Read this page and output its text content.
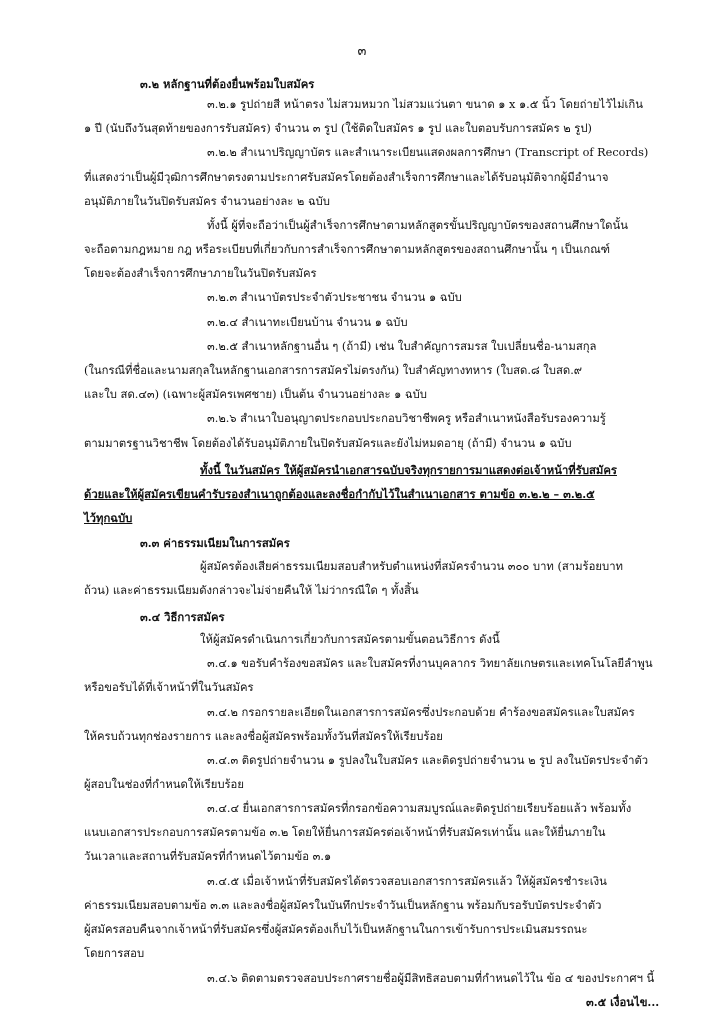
๓
๓.๒ หลักฐานที่ต้องยื่นพร้อมใบสมัคร
๓.๒.๑ รูปถ่ายสี หน้าตรง ไม่สวมหมวก ไม่สวมแว่นตา ขนาด ๑ x ๑.๕ นิ้ว โดยถ่ายไว้ไม่เกิน
๑ ปี (นับถึงวันสุดท้ายของการรับสมัคร) จำนวน ๓ รูป (ใช้ติดใบสมัคร ๑ รูป และใบตอบรับการสมัคร ๒ รูป)
๓.๒.๒ สำเนาปริญญาบัตร และสำเนาระเบียนแสดงผลการศึกษา (Transcript of Records)
ที่แสดงว่าเป็นผู้มีวุฒิการศึกษาตรงตามประกาศรับสมัครโดยต้องสำเร็จการศึกษาและได้รับอนุมัติจากผู้มีอำนาจ
อนุมัติภายในวันปิดรับสมัคร จำนวนอย่างละ ๒ ฉบับ
ทั้งนี้ ผู้ที่จะถือว่าเป็นผู้สำเร็จการศึกษาตามหลักสูตรขั้นปริญญาบัตรของสถานศึกษาใดนั้น
จะถือตามกฎหมาย กฎ หรือระเบียบที่เกี่ยวกับการสำเร็จการศึกษาตามหลักสูตรของสถานศึกษานั้น ๆ เป็นเกณฑ์
โดยจะต้องสำเร็จการศึกษาภายในวันปิดรับสมัคร
๓.๒.๓ สำเนาบัตรประจำตัวประชาชน จำนวน ๑ ฉบับ
๓.๒.๔ สำเนาทะเบียนบ้าน จำนวน ๑ ฉบับ
๓.๒.๕ สำเนาหลักฐานอื่น ๆ (ถ้ามี) เช่น ใบสำคัญการสมรส ใบเปลี่ยนชื่อ-นามสกุล
(ในกรณีที่ชื่อและนามสกุลในหลักฐานเอกสารการสมัครไม่ตรงกัน) ใบสำคัญทางทหาร (ใบสด.๘ ใบสด.๙
และใบ สด.๔๓) (เฉพาะผู้สมัครเพศชาย) เป็นต้น จำนวนอย่างละ ๑ ฉบับ
๓.๒.๖ สำเนาใบอนุญาตประกอบประกอบวิชาชีพครู หรือสำเนาหนังสือรับรองความรู้
ตามมาตรฐานวิชาชีพ โดยต้องได้รับอนุมัติภายในปิดรับสมัครและยังไม่หมดอายุ (ถ้ามี) จำนวน ๑ ฉบับ
ทั้งนี้ ในวันสมัคร ให้ผู้สมัครนำเอกสารฉบับจริงทุกรายการมาแสดงต่อเจ้าหน้าที่รับสมัคร
ด้วยและให้ผู้สมัครเขียนคำรับรองสำเนาถูกต้องและลงชื่อกำกับไว้ในสำเนาเอกสาร ตามข้อ ๓.๒.๒ – ๓.๒.๕
ไว้ทุกฉบับ
๓.๓ ค่าธรรมเนียมในการสมัคร
ผู้สมัครต้องเสียค่าธรรมเนียมสอบสำหรับตำแหน่งที่สมัครจำนวน ๓๐๐ บาท (สามร้อยบาท
ถ้วน) และค่าธรรมเนียมดังกล่าวจะไม่จ่ายคืนให้ ไม่ว่ากรณีใด ๆ ทั้งสิ้น
๓.๔ วิธีการสมัคร
ให้ผู้สมัครดำเนินการเกี่ยวกับการสมัครตามขั้นตอนวิธีการ ดังนี้
๓.๔.๑ ขอรับคำร้องขอสมัคร และใบสมัครที่งานบุคลากร วิทยาลัยเกษตรและเทคโนโลยีลำพูน
หรือขอรับได้ที่เจ้าหน้าที่ในวันสมัคร
๓.๔.๒ กรอกรายละเอียดในเอกสารการสมัครซึ่งประกอบด้วย คำร้องขอสมัครและใบสมัคร
ให้ครบถ้วนทุกช่องรายการ และลงชื่อผู้สมัครพร้อมทั้งวันที่สมัครให้เรียบร้อย
๓.๔.๓ ติดรูปถ่ายจำนวน ๑ รูปลงในใบสมัคร และติดรูปถ่ายจำนวน ๒ รูป ลงในบัตรประจำตัว
ผู้สอบในช่องที่กำหนดให้เรียบร้อย
๓.๔.๔ ยื่นเอกสารการสมัครที่กรอกข้อความสมบูรณ์และติดรูปถ่ายเรียบร้อยแล้ว พร้อมทั้ง
แนบเอกสารประกอบการสมัครตามข้อ ๓.๒ โดยให้ยื่นการสมัครต่อเจ้าหน้าที่รับสมัครเท่านั้น และให้ยื่นภายใน
วันเวลาและสถานที่รับสมัครที่กำหนดไว้ตามข้อ ๓.๑
๓.๔.๕ เมื่อเจ้าหน้าที่รับสมัครได้ตรวจสอบเอกสารการสมัครแล้ว ให้ผู้สมัครชำระเงิน
ค่าธรรมเนียมสอบตามข้อ ๓.๓ และลงชื่อผู้สมัครในบันทึกประจำวันเป็นหลักฐาน พร้อมกับรอรับบัตรประจำตัว
ผู้สมัครสอบคืนจากเจ้าหน้าที่รับสมัครซึ่งผู้สมัครต้องเก็บไว้เป็นหลักฐานในการเข้ารับการประเมินสมรรถนะ
โดยการสอบ
๓.๔.๖ ติดตามตรวจสอบประกาศรายชื่อผู้มีสิทธิสอบตามที่กำหนดไว้ใน ข้อ ๔ ของประกาศฯ นี้
๓.๕ เงื่อนไข...
